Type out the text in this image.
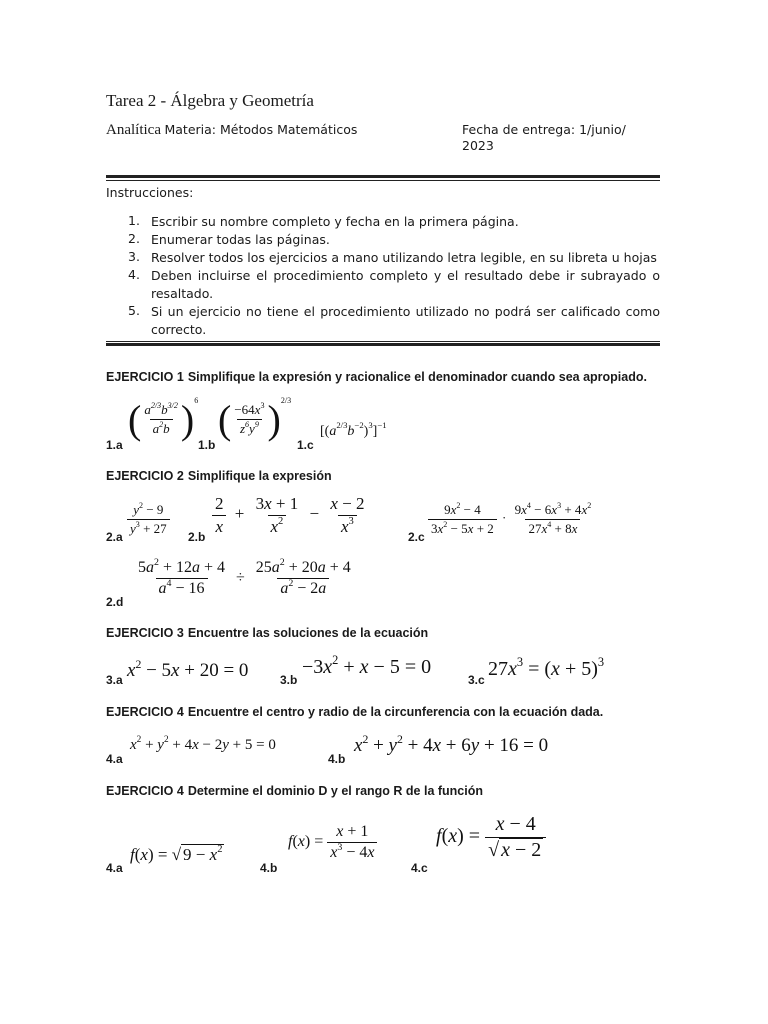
Tarea 2 - Álgebra y Geometría
Analítica Materia: Métodos Matemáticos	Fecha de entrega: 1/junio/
2023
Instrucciones:
1. Escribir su nombre completo y fecha en la primera página.
2. Enumerar todas las páginas.
3. Resolver todos los ejercicios a mano utilizando letra legible, en su libreta u hojas
4. Deben incluirse el procedimiento completo y el resultado debe ir subrayado o resaltado.
5. Si un ejercicio no tiene el procedimiento utilizado no podrá ser calificado como correcto.
EJERCICIO 1 Simplifique la expresión y racionalice el denominador cuando sea apropiado.
1.a
( $\frac{a^{2/3}b^{3/2}}{a^2b} )^6$
1.b
( $\frac{-64x^3}{z^6y^9} )^{2/3}$
1.c
$[(a^{2/3}b^{-2})^3]^{-1}$
EJERCICIO 2 Simplifique la expresión
$2.a \frac{y^2 - 9}{y^3 + 27} 2.b \frac{2}{x} + \frac{3x + 1}{x^2} - \frac{x - 2}{x^3}$	$2.c \frac{9x^2 - 4}{3x^2 - 5x + 2} \cdot \frac{9x^4 - 6x^3 + 4x^2}{27x^4 + 8x}$
2.d
$\frac{5a^2 + 12a + 4}{a^4 - 16} \div \frac{25a^2 + 20a + 4}{a^2 - 2a}$
EJERCICIO 3 Encuentre las soluciones de la ecuación
3.a $x^2 - 5x + 20 = 0$	3.b
$-3x^2 + x - 5 = 0$
3.c $27x^3 = (x + 5)^3$
EJERCICIO 4 Encuentre el centro y radio de la circunferencia con la ecuación dada.
4.a
$x^2 + y^2 + 4x - 2y + 5 = 0$
4.b
$x^2 + y^2 + 4x + 6y + 16 = 0$
EJERCICIO 4 Determine el dominio D y el rango R de la función
4.a
f(x) = √ $9 - x^2$
4.b
$f(x) = \frac{x + 1}{x^3 - 4x}$
4.c
$f(x) = \frac{x - 4}{√ x - 2}$
